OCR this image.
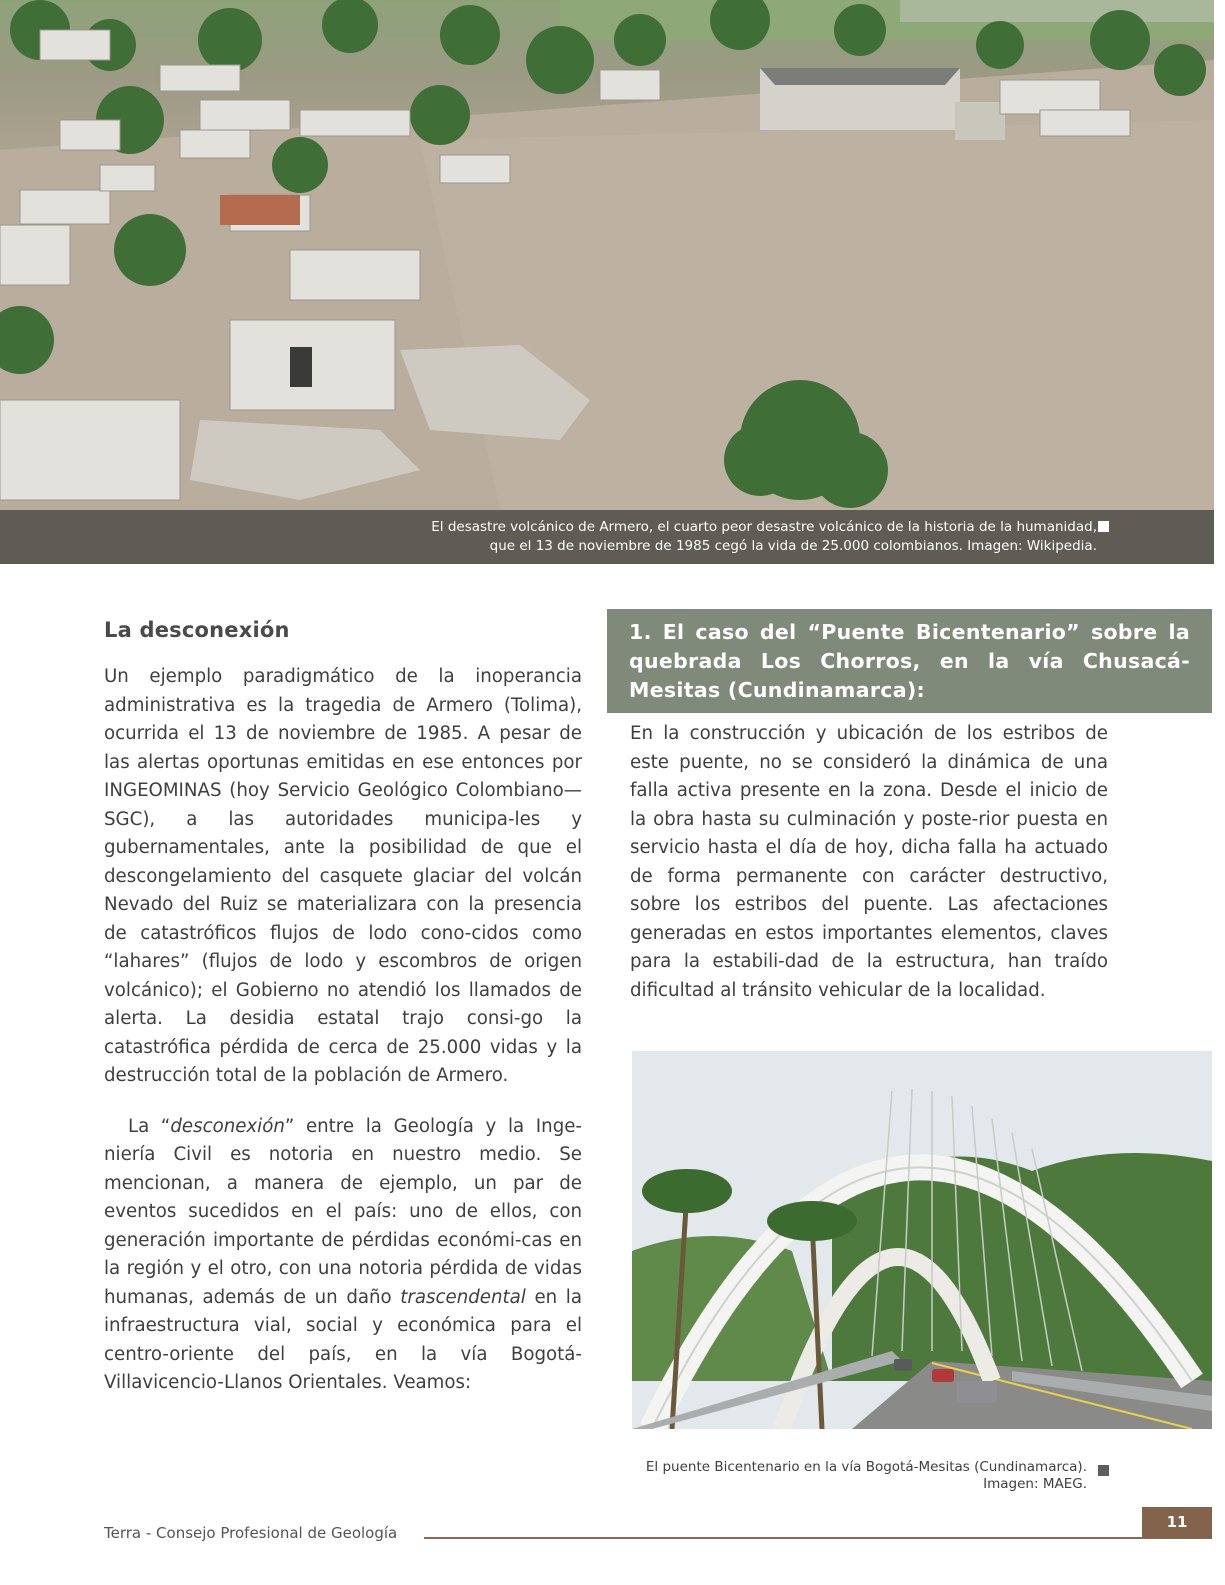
El desastre volcánico de Armero, el cuarto peor desastre volcánico de la historia de la humanidad,
que el 13 de noviembre de 1985 cegó la vida de 25.000 colombianos. Imagen: Wikipedia.
La desconexión

Un ejemplo paradigmático de la inoperancia administrativa es la tragedia de Armero (Tolima), ocurrida el 13 de noviembre de 1985. A pesar de las alertas oportunas emitidas en ese entonces por INGEOMINAS (hoy Servicio Geológico Colombiano—SGC), a las autoridades municipa-les y gubernamentales, ante la posibilidad de que el descongelamiento del casquete glaciar del volcán Nevado del Ruiz se materializara con la presencia de catastróficos flujos de lodo cono-cidos como “lahares” (flujos de lodo y escombros de origen volcánico); el Gobierno no atendió los llamados de alerta. La desidia estatal trajo consi-go la catastrófica pérdida de cerca de 25.000 vidas y la destrucción total de la población de Armero.

La “desconexión” entre la Geología y la Inge-niería Civil es notoria en nuestro medio. Se mencionan, a manera de ejemplo, un par de eventos sucedidos en el país: uno de ellos, con generación importante de pérdidas económi-cas en la región y el otro, con una notoria pérdida de vidas humanas, además de un daño trascendental en la infraestructura vial, social y económica para el centro-oriente del país, en la vía Bogotá-Villavicencio-Llanos Orientales. Veamos:

1. El caso del “Puente Bicentenario” sobre la quebrada Los Chorros, en la vía Chusacá-Mesitas (Cundinamarca):

En la construcción y ubicación de los estribos de este puente, no se consideró la dinámica de una falla activa presente en la zona. Desde el inicio de la obra hasta su culminación y poste-rior puesta en servicio hasta el día de hoy, dicha falla ha actuado de forma permanente con carácter destructivo, sobre los estribos del puente. Las afectaciones generadas en estos importantes elementos, claves para la estabili-dad de la estructura, han traído dificultad al tránsito vehicular de la localidad.

El puente Bicentenario en la vía Bogotá-Mesitas (Cundinamarca).
Imagen: MAEG.
Terra - Consejo Profesional de Geología
11
